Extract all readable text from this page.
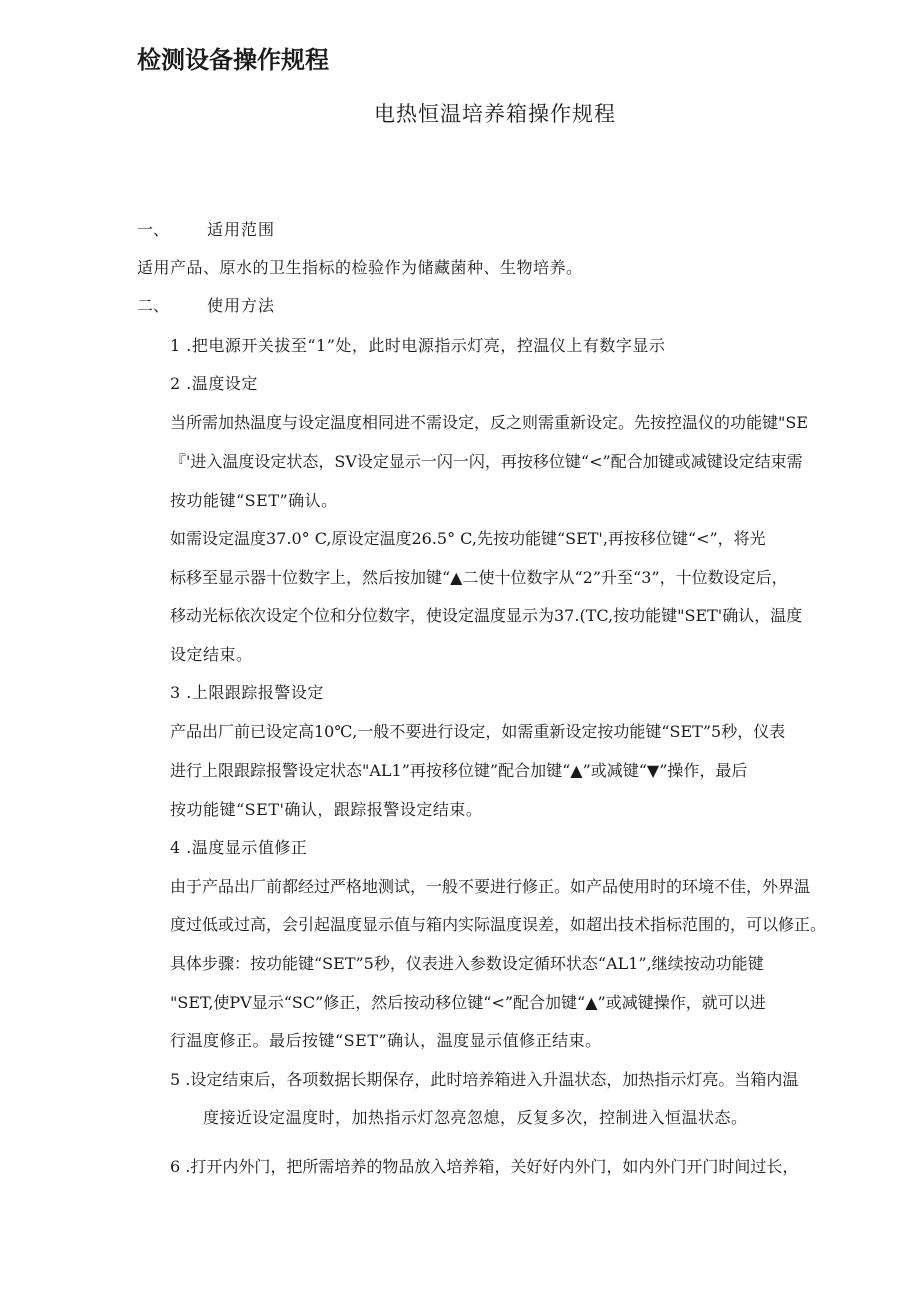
检测设备操作规程
电热恒温培养箱操作规程
一、 适用范围
适用产品、原水的卫生指标的检验作为储藏菌种、生物培养。
二、 使用方法
1 .把电源开关拔至“1”处，此时电源指示灯亮，控温仪上有数字显示
2 .温度设定
当所需加热温度与设定温度相同进不需设定，反之则需重新设定。先按控温仪的功能键"SE
『'进入温度设定状态，SV设定显示一闪一闪，再按移位键“<”配合加键或减键设定结束需
按功能键“SET”确认。
如需设定温度37.0° C,原设定温度26.5° C,先按功能键“SET',再按移位键“<”，将光
标移至显示器十位数字上，然后按加键“▲二使十位数字从“2”升至“3”，十位数设定后，
移动光标依次设定个位和分位数字，使设定温度显示为37.(TC,按功能键"SET'确认，温度
设定结束。
3 .上限跟踪报警设定
产品出厂前已设定高10℃,一般不要进行设定，如需重新设定按功能键“SET”5秒，仪表
进行上限跟踪报警设定状态"AL1”再按移位键”配合加键“▲”或减键“▼”操作，最后
按功能键“SET'确认，跟踪报警设定结束。
4 .温度显示值修正
由于产品出厂前都经过严格地测试，一般不要进行修正。如产品使用时的环境不佳，外界温
度过低或过高，会引起温度显示值与箱内实际温度误差，如超出技术指标范围的，可以修正。
具体步骤：按功能键“SET”5秒，仪表进入参数设定循环状态“AL1”,继续按动功能键
"SET,使PV显示“SC”修正，然后按动移位键“<”配合加键“▲”或减键操作，就可以进
行温度修正。最后按键“SET”确认，温度显示值修正结束。
5 .设定结束后，各项数据长期保存，此时培养箱进入升温状态，加热指示灯亮。当箱内温
度接近设定温度时，加热指示灯忽亮忽熄，反复多次，控制进入恒温状态。
6 .打开内外门，把所需培养的物品放入培养箱，关好好内外门，如内外门开门时间过长，
